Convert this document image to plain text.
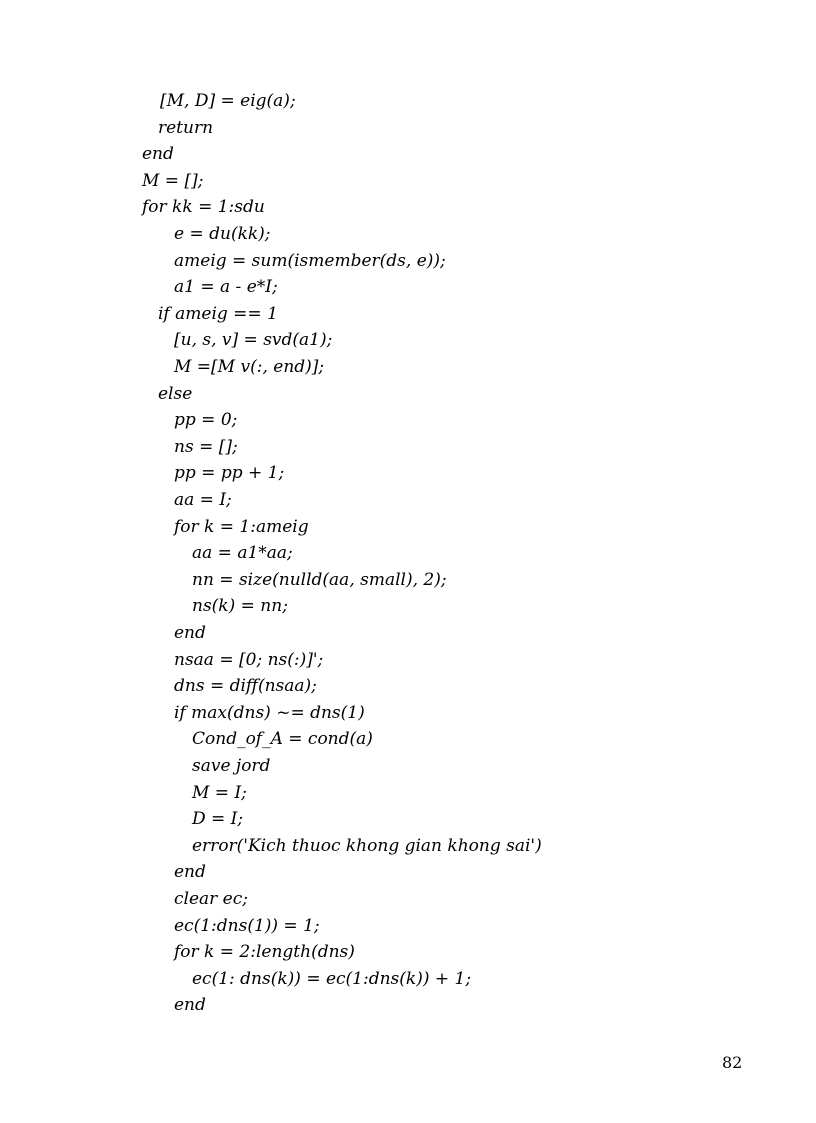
[M, D] = eig(a);
return
end
M = [];
for kk = 1:sdu
e = du(kk);
ameig = sum(ismember(ds, e));
a1 = a - e*I;
if ameig == 1
[u, s, v] = svd(a1);
M =[M v(:, end)];
else
pp = 0;
ns = [];
pp = pp + 1;
aa = I;
for k = 1:ameig
aa = a1*aa;
nn = size(nulld(aa, small), 2);
ns(k) = nn;
end
nsaa = [0; ns(:)]';
dns = diff(nsaa);
if max(dns) ~= dns(1)
Cond_of_A = cond(a)
save jord
M = I;
D = I;
error('Kich thuoc khong gian khong sai')
end
clear ec;
ec(1:dns(1)) = 1;
for k = 2:length(dns)
ec(1: dns(k)) = ec(1:dns(k)) + 1;
end
82
